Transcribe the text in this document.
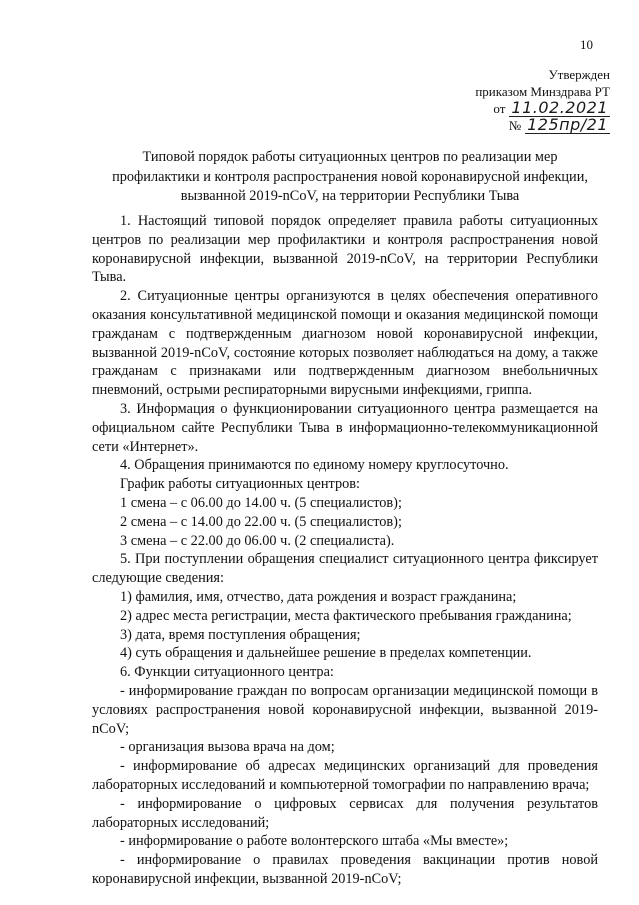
10
Утвержден
приказом Минздрава РТ
от 11.02.2021
№ 125пр/21
Типовой порядок работы ситуационных центров по реализации мер
профилактики и контроля распространения новой коронавирусной инфекции,
вызванной 2019-nCoV, на территории Республики Тыва

1. Настоящий типовой порядок определяет правила работы ситуационных центров по реализации мер профилактики и контроля распространения новой коронавирусной инфекции, вызванной 2019-nCoV, на территории Республики Тыва.

2. Ситуационные центры организуются в целях обеспечения оперативного оказания консультативной медицинской помощи и оказания медицинской помощи гражданам с подтвержденным диагнозом новой коронавирусной инфекции, вызванной 2019-nCoV, состояние которых позволяет наблюдаться на дому, а также гражданам с признаками или подтвержденным диагнозом внебольничных пневмоний, острыми респираторными вирусными инфекциями, гриппа.

3. Информация о функционировании ситуационного центра размещается на официальном сайте Республики Тыва в информационно-телекоммуникационной сети «Интернет».

4. Обращения принимаются по единому номеру круглосуточно.

График работы ситуационных центров:

1 смена – с 06.00 до 14.00 ч. (5 специалистов);

2 смена – с 14.00 до 22.00 ч. (5 специалистов);

3 смена – с 22.00 до 06.00 ч. (2 специалиста).

5. При поступлении обращения специалист ситуационного центра фиксирует следующие сведения:

1) фамилия, имя, отчество, дата рождения и возраст гражданина;

2) адрес места регистрации, места фактического пребывания гражданина;

3) дата, время поступления обращения;

4) суть обращения и дальнейшее решение в пределах компетенции.

6. Функции ситуационного центра:

- информирование граждан по вопросам организации медицинской помощи в условиях распространения новой коронавирусной инфекции, вызванной 2019-nCoV;

- организация вызова врача на дом;

- информирование об адресах медицинских организаций для проведения лабораторных исследований и компьютерной томографии по направлению врача;

- информирование о цифровых сервисах для получения результатов лабораторных исследований;

- информирование о работе волонтерского штаба «Мы вместе»;

- информирование о правилах проведения вакцинации против новой коронавирусной инфекции, вызванной 2019-nCoV;
